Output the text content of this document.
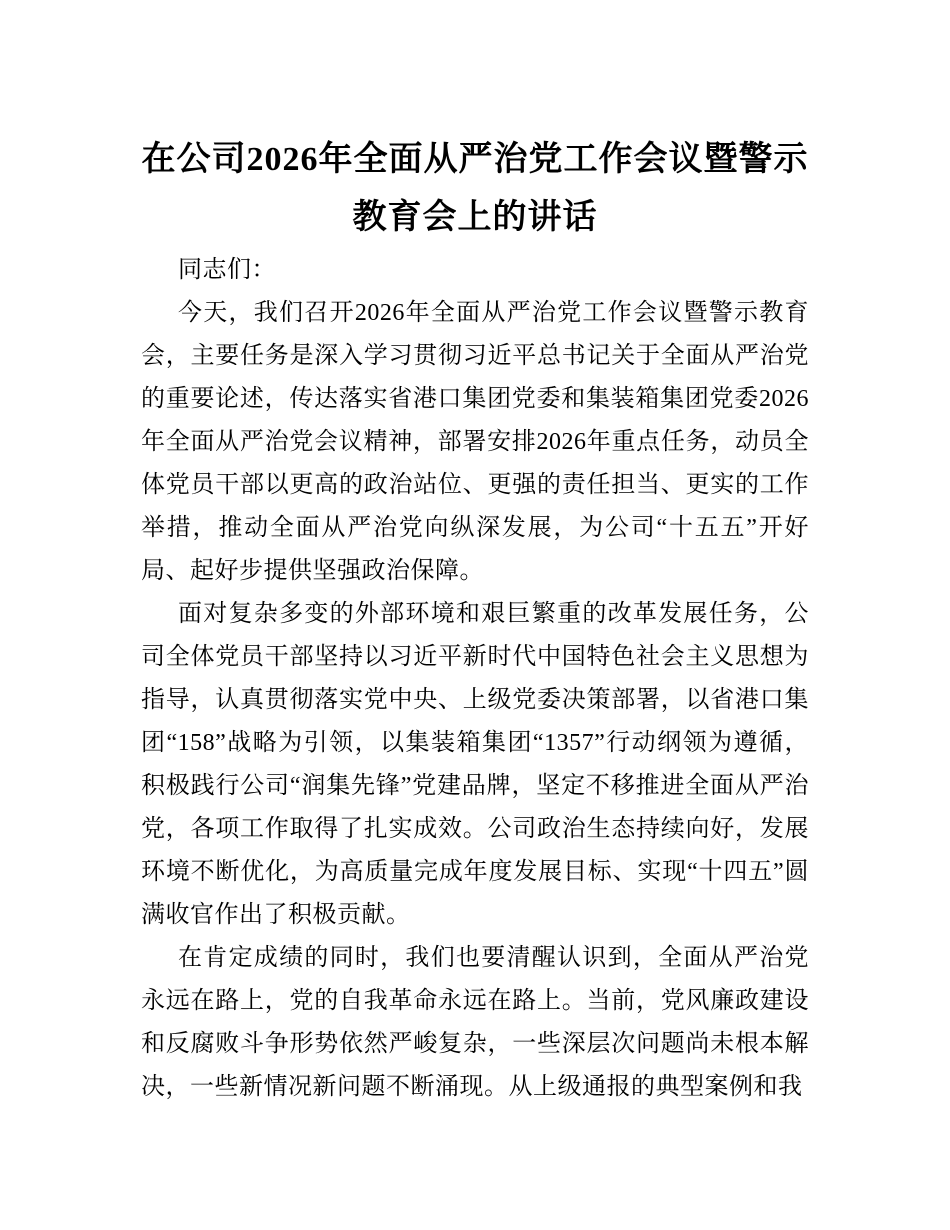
在公司2026年全面从严治党工作会议暨警示教育会上的讲话

同志们：

今天，我们召开2026年全面从严治党工作会议暨警示教育会，主要任务是深入学习贯彻习近平总书记关于全面从严治党的重要论述，传达落实省港口集团党委和集装箱集团党委2026年全面从严治党会议精神，部署安排2026年重点任务，动员全体党员干部以更高的政治站位、更强的责任担当、更实的工作举措，推动全面从严治党向纵深发展，为公司“十五五”开好局、起好步提供坚强政治保障。

面对复杂多变的外部环境和艰巨繁重的改革发展任务，公司全体党员干部坚持以习近平新时代中国特色社会主义思想为指导，认真贯彻落实党中央、上级党委决策部署，以省港口集团“158”战略为引领，以集装箱集团“1357”行动纲领为遵循，积极践行公司“润集先锋”党建品牌，坚定不移推进全面从严治党，各项工作取得了扎实成效。公司政治生态持续向好，发展环境不断优化，为高质量完成年度发展目标、实现“十四五”圆满收官作出了积极贡献。

在肯定成绩的同时，我们也要清醒认识到，全面从严治党永远在路上，党的自我革命永远在路上。当前，党风廉政建设和反腐败斗争形势依然严峻复杂，一些深层次问题尚未根本解决，一些新情况新问题不断涌现。从上级通报的典型案例和我
